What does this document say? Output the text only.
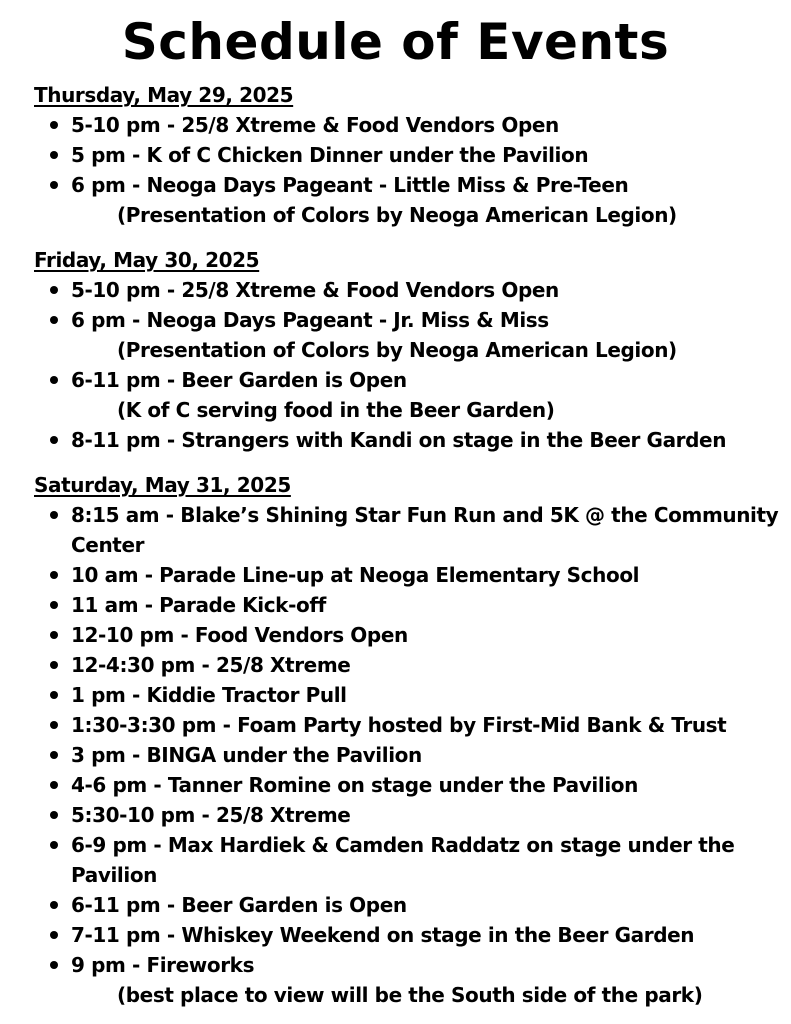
Schedule of Events
Thursday, May 29, 2025
5-10 pm - 25/8 Xtreme & Food Vendors Open
5 pm - K of C Chicken Dinner under the Pavilion
6 pm - Neoga Days Pageant - Little Miss & Pre-Teen
(Presentation of Colors by Neoga American Legion)
Friday, May 30, 2025
5-10 pm - 25/8 Xtreme & Food Vendors Open
6 pm - Neoga Days Pageant - Jr. Miss & Miss
(Presentation of Colors by Neoga American Legion)
6-11 pm - Beer Garden is Open
(K of C serving food in the Beer Garden)
8-11 pm - Strangers with Kandi on stage in the Beer Garden
Saturday, May 31, 2025
8:15 am - Blake’s Shining Star Fun Run and 5K @ the Community
Center
10 am - Parade Line-up at Neoga Elementary School
11 am - Parade Kick-off
12-10 pm - Food Vendors Open
12-4:30 pm - 25/8 Xtreme
1 pm - Kiddie Tractor Pull
1:30-3:30 pm - Foam Party hosted by First-Mid Bank & Trust
3 pm - BINGA under the Pavilion
4-6 pm - Tanner Romine on stage under the Pavilion
5:30-10 pm - 25/8 Xtreme
6-9 pm - Max Hardiek & Camden Raddatz on stage under the
Pavilion
6-11 pm - Beer Garden is Open
7-11 pm - Whiskey Weekend on stage in the Beer Garden
9 pm - Fireworks
(best place to view will be the South side of the park)
